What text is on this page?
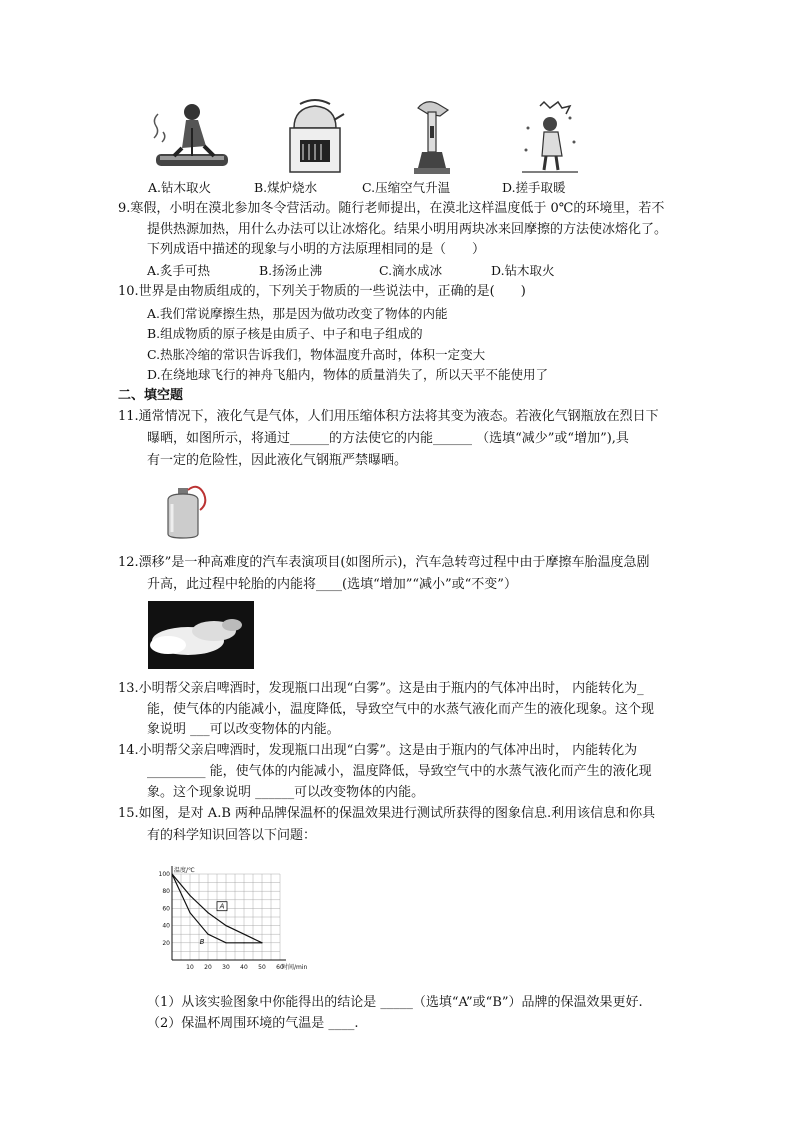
A.钻木取火	B.煤炉烧水	C.压缩空气升温	D.搓手取暖
9.寒假，小明在漠北参加冬令营活动。随行老师提出，在漠北这样温度低于 0℃的环境里，若不
提供热源加热，用什么办法可以让冰熔化。结果小明用两块冰来回摩擦的方法使冰熔化了。
下列成语中描述的现象与小明的方法原理相同的是（　　）
A.炙手可热	B.扬汤止沸	C.滴水成冰	D.钻木取火
10.世界是由物质组成的，下列关于物质的一些说法中，正确的是(　　)
A.我们常说摩擦生热，那是因为做功改变了物体的内能
B.组成物质的原子核是由质子、中子和电子组成的
C.热胀冷缩的常识告诉我们，物体温度升高时，体积一定变大
D.在绕地球飞行的神舟飞船内，物体的质量消失了，所以天平不能使用了
二、填空题
11.通常情况下，液化气是气体，人们用压缩体积方法将其变为液态。若液化气钢瓶放在烈日下
曝晒，如图所示，将通过______的方法使它的内能______ （选填“减少”或“增加”),具
有一定的危险性，因此液化气钢瓶严禁曝晒。
12.漂移”是一种高难度的汽车表演项目(如图所示)，汽车急转弯过程中由于摩擦车胎温度急剧
升高，此过程中轮胎的内能将____(选填“增加”“减小”或“不变”）
13.小明帮父亲启啤酒时，发现瓶口出现“白雾”。这是由于瓶内的气体冲出时， 内能转化为_
能，使气体的内能减小，温度降低，导致空气中的水蒸气液化而产生的液化现象。这个现
象说明 ___可以改变物体的内能。
14.小明帮父亲启啤酒时，发现瓶口出现“白雾”。这是由于瓶内的气体冲出时， 内能转化为
_________ 能，使气体的内能减小，温度降低，导致空气中的水蒸气液化而产生的液化现
象。这个现象说明 ______可以改变物体的内能。
15.如图，是对 A.B 两种品牌保温杯的保温效果进行测试所获得的图象信息.利用该信息和你具
有的科学知识回答以下问题：
10 20 30 40 50 60
20
40
60
80
100
温度/℃
时间/min
A
B
（1）从该实验图象中你能得出的结论是 _____（选填“A”或“B”）品牌的保温效果更好.
（2）保温杯周围环境的气温是 ____.
